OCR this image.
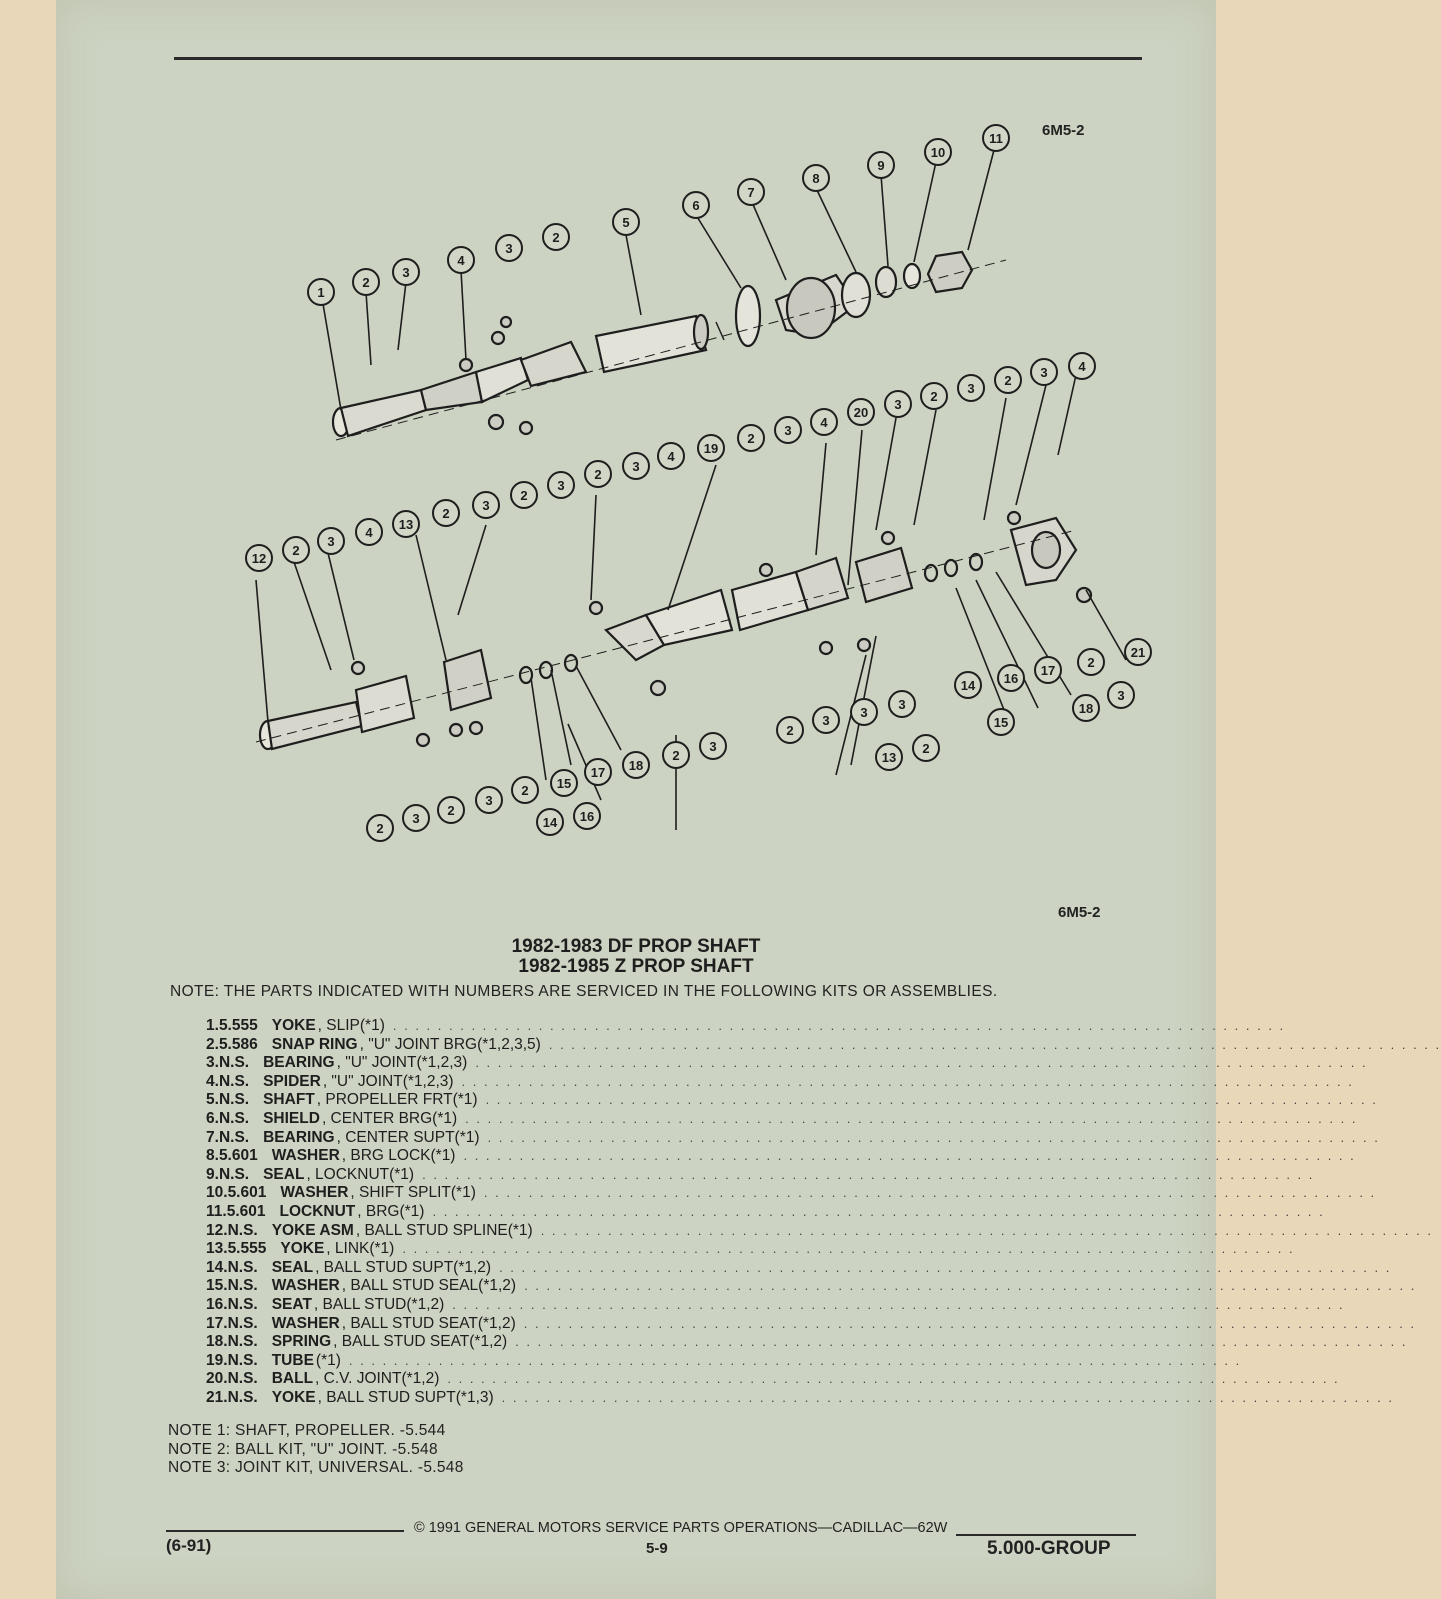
6M5-2
1
2
3
4
3
2
5
6
7
8
9
10
11
12
2
3
4
13
2
3
2
3
2
3
4
19
2
3
4
20
3
2
3
2
3 4
2
3
2
3
2
14
15
16
17 18
2
3
2
3
3
13
3
2
14
15
16
17
18
2
3
21
6M5-2
1982-1983 DF PROP SHAFT
1982-1985 Z PROP SHAFT
NOTE: THE PARTS INDICATED WITH NUMBERS ARE SERVICED IN THE FOLLOWING KITS OR ASSEMBLIES.
1. 5.555 YOKE , SLIP(*1) . . . . . . . . . . . . . . . . . . . . . . . . . . . . . . . . . . . . . . . . . . . . . . . . . . . . . . . . . . . . . . . . . . . . . . . . . . . . . . . .
2. 5.586 SNAP RING , "U" JOINT BRG(*1,2,3,5) . . . . . . . . . . . . . . . . . . . . . . . . . . . . . . . . . . . . . . . . . . . . . . . . . . . . . . . . . . . . . . . . . . . . . . . . . . . . . . . .
3. N.S. BEARING , "U" JOINT(*1,2,3) . . . . . . . . . . . . . . . . . . . . . . . . . . . . . . . . . . . . . . . . . . . . . . . . . . . . . . . . . . . . . . . . . . . . . . . . . . . . . . . .
4. N.S. SPIDER , "U" JOINT(*1,2,3) . . . . . . . . . . . . . . . . . . . . . . . . . . . . . . . . . . . . . . . . . . . . . . . . . . . . . . . . . . . . . . . . . . . . . . . . . . . . . . . .
5. N.S. SHAFT , PROPELLER FRT(*1) . . . . . . . . . . . . . . . . . . . . . . . . . . . . . . . . . . . . . . . . . . . . . . . . . . . . . . . . . . . . . . . . . . . . . . . . . . . . . . . .
6. N.S. SHIELD , CENTER BRG(*1) . . . . . . . . . . . . . . . . . . . . . . . . . . . . . . . . . . . . . . . . . . . . . . . . . . . . . . . . . . . . . . . . . . . . . . . . . . . . . . . .
7. N.S. BEARING , CENTER SUPT(*1) . . . . . . . . . . . . . . . . . . . . . . . . . . . . . . . . . . . . . . . . . . . . . . . . . . . . . . . . . . . . . . . . . . . . . . . . . . . . . . . .
8. 5.601 WASHER , BRG LOCK(*1) . . . . . . . . . . . . . . . . . . . . . . . . . . . . . . . . . . . . . . . . . . . . . . . . . . . . . . . . . . . . . . . . . . . . . . . . . . . . . . . .
9. N.S. SEAL , LOCKNUT(*1) . . . . . . . . . . . . . . . . . . . . . . . . . . . . . . . . . . . . . . . . . . . . . . . . . . . . . . . . . . . . . . . . . . . . . . . . . . . . . . . .
10. 5.601 WASHER , SHIFT SPLIT(*1) . . . . . . . . . . . . . . . . . . . . . . . . . . . . . . . . . . . . . . . . . . . . . . . . . . . . . . . . . . . . . . . . . . . . . . . . . . . . . . . .
11. 5.601 LOCKNUT , BRG(*1) . . . . . . . . . . . . . . . . . . . . . . . . . . . . . . . . . . . . . . . . . . . . . . . . . . . . . . . . . . . . . . . . . . . . . . . . . . . . . . . .
12. N.S. YOKE ASM , BALL STUD SPLINE(*1) . . . . . . . . . . . . . . . . . . . . . . . . . . . . . . . . . . . . . . . . . . . . . . . . . . . . . . . . . . . . . . . . . . . . . . . . . . . . . . . .
13. 5.555 YOKE , LINK(*1) . . . . . . . . . . . . . . . . . . . . . . . . . . . . . . . . . . . . . . . . . . . . . . . . . . . . . . . . . . . . . . . . . . . . . . . . . . . . . . . .
14. N.S. SEAL , BALL STUD SUPT(*1,2) . . . . . . . . . . . . . . . . . . . . . . . . . . . . . . . . . . . . . . . . . . . . . . . . . . . . . . . . . . . . . . . . . . . . . . . . . . . . . . . .
15. N.S. WASHER , BALL STUD SEAL(*1,2) . . . . . . . . . . . . . . . . . . . . . . . . . . . . . . . . . . . . . . . . . . . . . . . . . . . . . . . . . . . . . . . . . . . . . . . . . . . . . . . .
16. N.S. SEAT , BALL STUD(*1,2) . . . . . . . . . . . . . . . . . . . . . . . . . . . . . . . . . . . . . . . . . . . . . . . . . . . . . . . . . . . . . . . . . . . . . . . . . . . . . . . .
17. N.S. WASHER , BALL STUD SEAT(*1,2) . . . . . . . . . . . . . . . . . . . . . . . . . . . . . . . . . . . . . . . . . . . . . . . . . . . . . . . . . . . . . . . . . . . . . . . . . . . . . . . .
18. N.S. SPRING , BALL STUD SEAT(*1,2) . . . . . . . . . . . . . . . . . . . . . . . . . . . . . . . . . . . . . . . . . . . . . . . . . . . . . . . . . . . . . . . . . . . . . . . . . . . . . . . .
19. N.S. TUBE (*1) . . . . . . . . . . . . . . . . . . . . . . . . . . . . . . . . . . . . . . . . . . . . . . . . . . . . . . . . . . . . . . . . . . . . . . . . . . . . . . . .
20. N.S. BALL , C.V. JOINT(*1,2) . . . . . . . . . . . . . . . . . . . . . . . . . . . . . . . . . . . . . . . . . . . . . . . . . . . . . . . . . . . . . . . . . . . . . . . . . . . . . . . .
21. N.S. YOKE , BALL STUD SUPT(*1,3) . . . . . . . . . . . . . . . . . . . . . . . . . . . . . . . . . . . . . . . . . . . . . . . . . . . . . . . . . . . . . . . . . . . . . . . . . . . . . . . .
NOTE 1: SHAFT, PROPELLER. -5.544
NOTE 2: BALL KIT, "U" JOINT. -5.548
NOTE 3: JOINT KIT, UNIVERSAL. -5.548
© 1991 GENERAL MOTORS SERVICE PARTS OPERATIONS—CADILLAC—62W
(6-91)	5-9	5.000-GROUP
